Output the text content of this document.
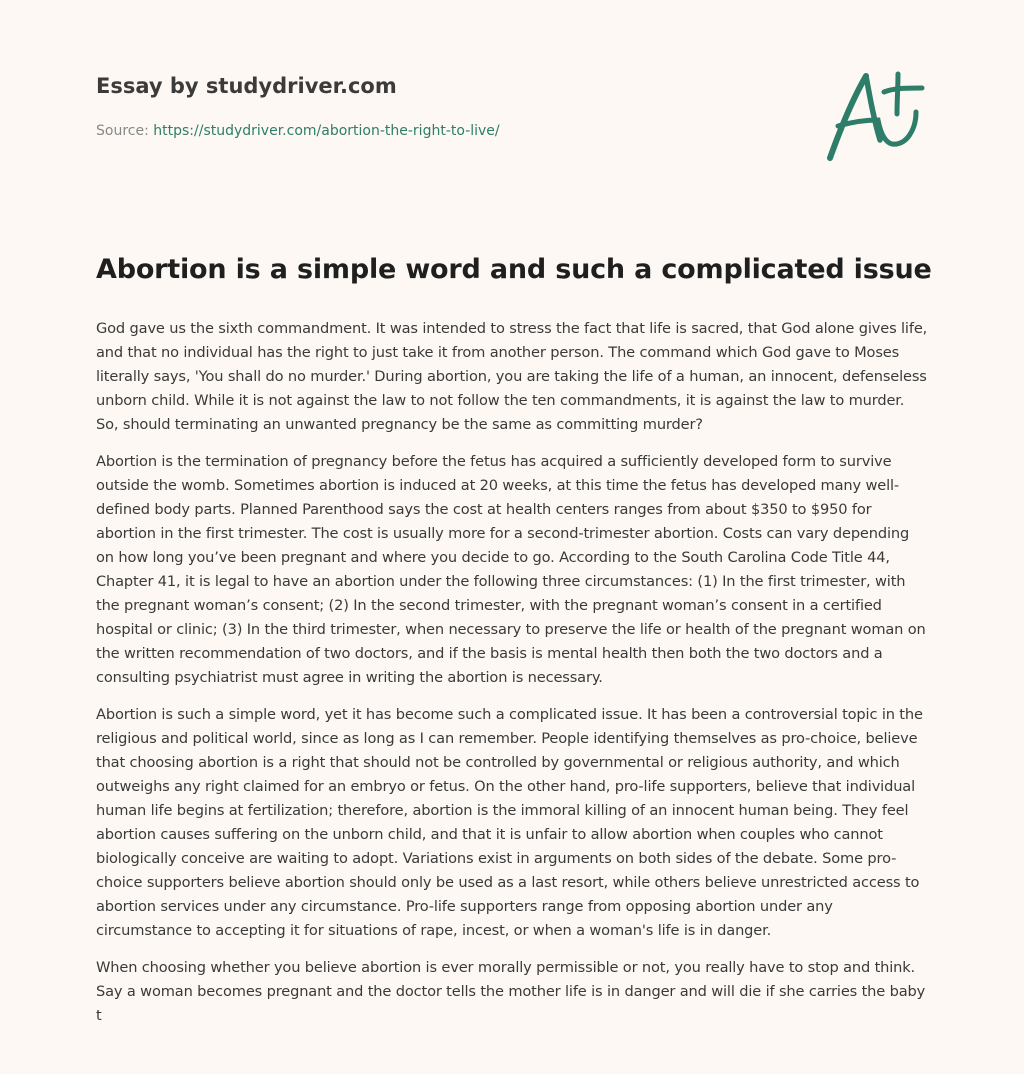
Essay by studydriver.com
Source: https://studydriver.com/abortion-the-right-to-live/
Abortion is a simple word and such a complicated issue

God gave us the sixth commandment. It was intended to stress the fact that life is sacred, that God alone gives life, and that no individual has the right to just take it from another person. The command which God gave to Moses literally says, 'You shall do no murder.' During abortion, you are taking the life of a human, an innocent, defenseless unborn child. While it is not against the law to not follow the ten commandments, it is against the law to murder. So, should terminating an unwanted pregnancy be the same as committing murder?

Abortion is the termination of pregnancy before the fetus has acquired a sufficiently developed form to survive outside the womb. Sometimes abortion is induced at 20 weeks, at this time the fetus has developed many well-defined body parts. Planned Parenthood says the cost at health centers ranges from about $350 to $950 for abortion in the first trimester. The cost is usually more for a second-trimester abortion. Costs can vary depending on how long you’ve been pregnant and where you decide to go. According to the South Carolina Code Title 44, Chapter 41, it is legal to have an abortion under the following three circumstances: (1) In the first trimester, with the pregnant woman’s consent; (2) In the second trimester, with the pregnant woman’s consent in a certified hospital or clinic; (3) In the third trimester, when necessary to preserve the life or health of the pregnant woman on the written recommendation of two doctors, and if the basis is mental health then both the two doctors and a consulting psychiatrist must agree in writing the abortion is necessary.

Abortion is such a simple word, yet it has become such a complicated issue. It has been a controversial topic in the religious and political world, since as long as I can remember. People identifying themselves as pro-choice, believe that choosing abortion is a right that should not be controlled by governmental or religious authority, and which outweighs any right claimed for an embryo or fetus. On the other hand, pro-life supporters, believe that individual human life begins at fertilization; therefore, abortion is the immoral killing of an innocent human being. They feel abortion causes suffering on the unborn child, and that it is unfair to allow abortion when couples who cannot biologically conceive are waiting to adopt. Variations exist in arguments on both sides of the debate. Some pro-choice supporters believe abortion should only be used as a last resort, while others believe unrestricted access to abortion services under any circumstance. Pro-life supporters range from opposing abortion under any circumstance to accepting it for situations of rape, incest, or when a woman's life is in danger.

When choosing whether you believe abortion is ever morally permissible or not, you really have to stop and think. Say a woman becomes pregnant and the doctor tells the mother life is in danger and will die if she carries the baby t
